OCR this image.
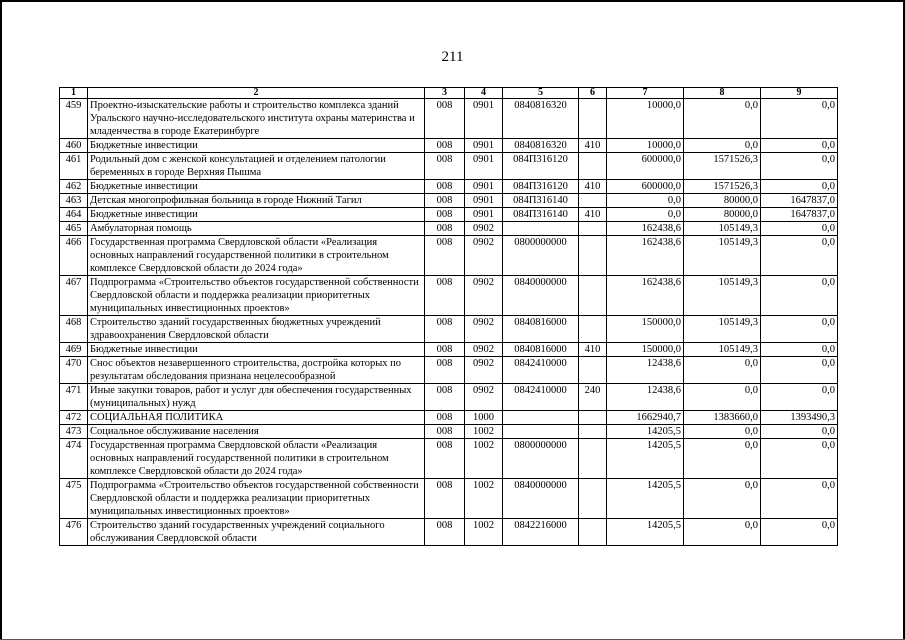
211
1	2	3	4	5	6	7	8	9
459	Проектно-изыскательские работы и строительство комплекса зданий Уральского научно-исследовательского института охраны материнства и младенчества в городе Екатеринбурге	008	0901	0840816320		10000,0	0,0	0,0
460	Бюджетные инвестиции	008	0901	0840816320	410	10000,0	0,0	0,0
461	Родильный дом с женской консультацией и отделением патологии беременных в городе Верхняя Пышма	008	0901	084П316120		600000,0	1571526,3	0,0
462	Бюджетные инвестиции	008	0901	084П316120	410	600000,0	1571526,3	0,0
463	Детская многопрофильная больница в городе Нижний Тагил	008	0901	084П316140		0,0	80000,0	1647837,0
464	Бюджетные инвестиции	008	0901	084П316140	410	0,0	80000,0	1647837,0
465	Амбулаторная помощь	008	0902			162438,6	105149,3	0,0
466	Государственная программа Свердловской области «Реализация основных направлений государственной политики в строительном комплексе Свердловской области до 2024 года»	008	0902	0800000000		162438,6	105149,3	0,0
467	Подпрограмма «Строительство объектов государственной собственности Свердловской области и поддержка реализации приоритетных муниципальных инвестиционных проектов»	008	0902	0840000000		162438,6	105149,3	0,0
468	Строительство зданий государственных бюджетных учреждений здравоохранения Свердловской области	008	0902	0840816000		150000,0	105149,3	0,0
469	Бюджетные инвестиции	008	0902	0840816000	410	150000,0	105149,3	0,0
470	Снос объектов незавершенного строительства, достройка которых по результатам обследования признана нецелесообразной	008	0902	0842410000		12438,6	0,0	0,0
471	Иные закупки товаров, работ и услуг для обеспечения государственных (муниципальных) нужд	008	0902	0842410000	240	12438,6	0,0	0,0
472	СОЦИАЛЬНАЯ ПОЛИТИКА	008	1000			1662940,7	1383660,0	1393490,3
473	Социальное обслуживание населения	008	1002			14205,5	0,0	0,0
474	Государственная программа Свердловской области «Реализация основных направлений государственной политики в строительном комплексе Свердловской области до 2024 года»	008	1002	0800000000		14205,5	0,0	0,0
475	Подпрограмма «Строительство объектов государственной собственности Свердловской области и поддержка реализации приоритетных муниципальных инвестиционных проектов»	008	1002	0840000000		14205,5	0,0	0,0
476	Строительство зданий государственных учреждений социального обслуживания Свердловской области	008	1002	0842216000		14205,5	0,0	0,0
